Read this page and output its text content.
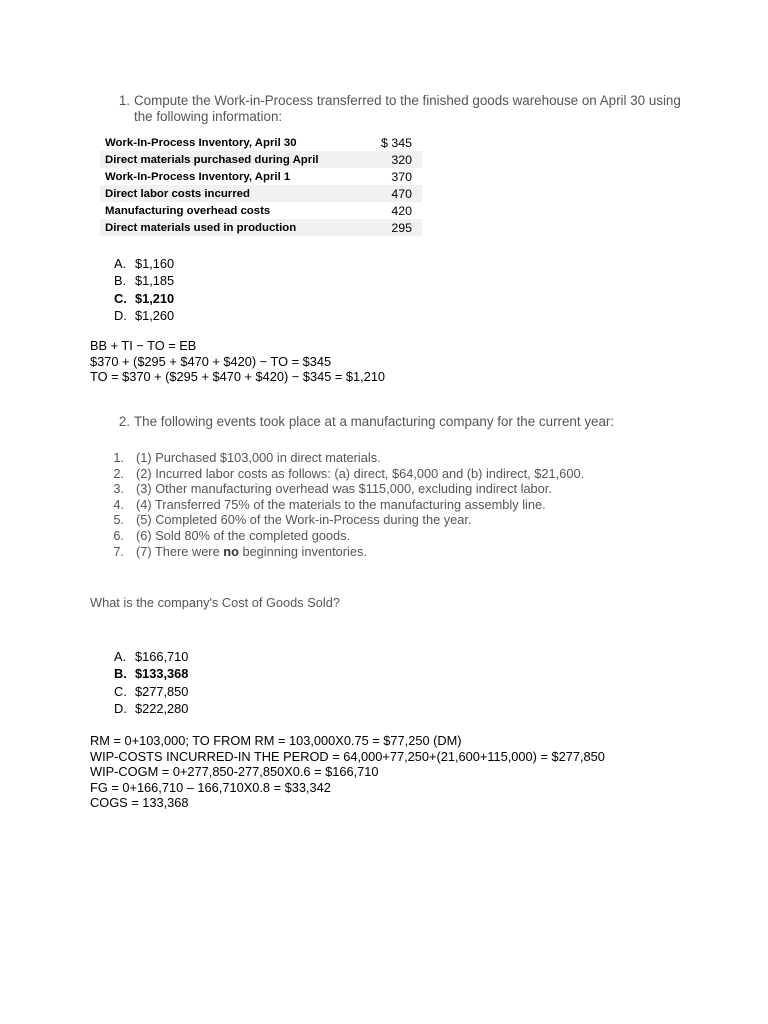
1. Compute the Work-in-Process transferred to the finished goods warehouse on April 30 using
the following information:
Work-In-Process Inventory, April 30	$ 345
Direct materials purchased during April	320
Work-In-Process Inventory, April 1	370
Direct labor costs incurred	470
Manufacturing overhead costs	420
Direct materials used in production	295
A. $1,160
B. $1,185
C. $1,210
D. $1,260
BB + TI − TO = EB
$370 + ($295 + $470 + $420) − TO = $345
TO = $370 + ($295 + $470 + $420) − $345 = $1,210
2. The following events took place at a manufacturing company for the current year:
1. (1) Purchased $103,000 in direct materials.
2. (2) Incurred labor costs as follows: (a) direct, $64,000 and (b) indirect, $21,600.
3. (3) Other manufacturing overhead was $115,000, excluding indirect labor.
4. (4) Transferred 75% of the materials to the manufacturing assembly line.
5. (5) Completed 60% of the Work-in-Process during the year.
6. (6) Sold 80% of the completed goods.
7. (7) There were no beginning inventories.
What is the company's Cost of Goods Sold?
A. $166,710
B. $133,368
C. $277,850
D. $222,280
RM = 0+103,000; TO FROM RM = 103,000X0.75 = $77,250 (DM)
WIP-COSTS INCURRED-IN THE PEROD = 64,000+77,250+(21,600+115,000) = $277,850
WIP-COGM = 0+277,850-277,850X0.6 = $166,710
FG = 0+166,710 – 166,710X0.8 = $33,342
COGS = 133,368
